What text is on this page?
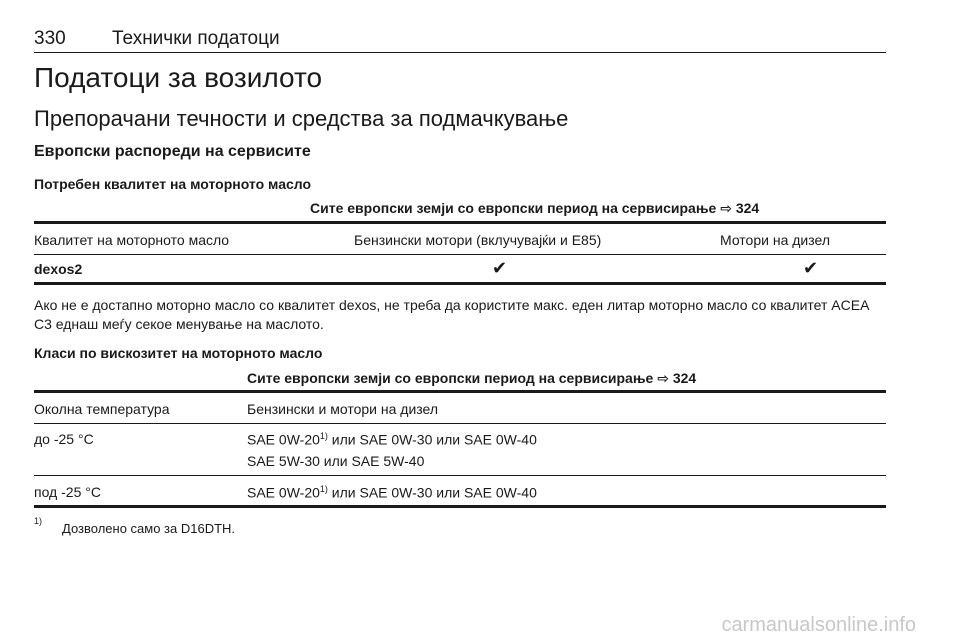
330 Технички податоци
Податоци за возилото
Препорачани течности и средства за подмачкување
Европски распореди на сервисите
Потребен квалитет на моторното масло
Сите европски земји со европски период на сервисирање ⇨ 324
Квалитет на моторното масло	Бензински мотори (вклучувајќи и E85)	Мотори на дизел
dexos2	✔	✔
Ако не е достапно моторно масло со квалитет dexos, не треба да користите макс. еден литар моторно масло со квалитет ACEA C3 еднаш меѓу секое менување на маслото.
Класи по вискозитет на моторното масло
Сите европски земји со европски период на сервисирање ⇨ 324
Околна температура	Бензински и мотори на дизел
до -25 °C	SAE 0W-20$^{1)}$ или SAE 0W-30 или SAE 0W-40
SAE 5W-30 или SAE 5W-40
под -25 °C	SAE 0W-20$^{1)}$ или SAE 0W-30 или SAE 0W-40
1) Дозволено само за D16DTH.
carmanualsonline.info
